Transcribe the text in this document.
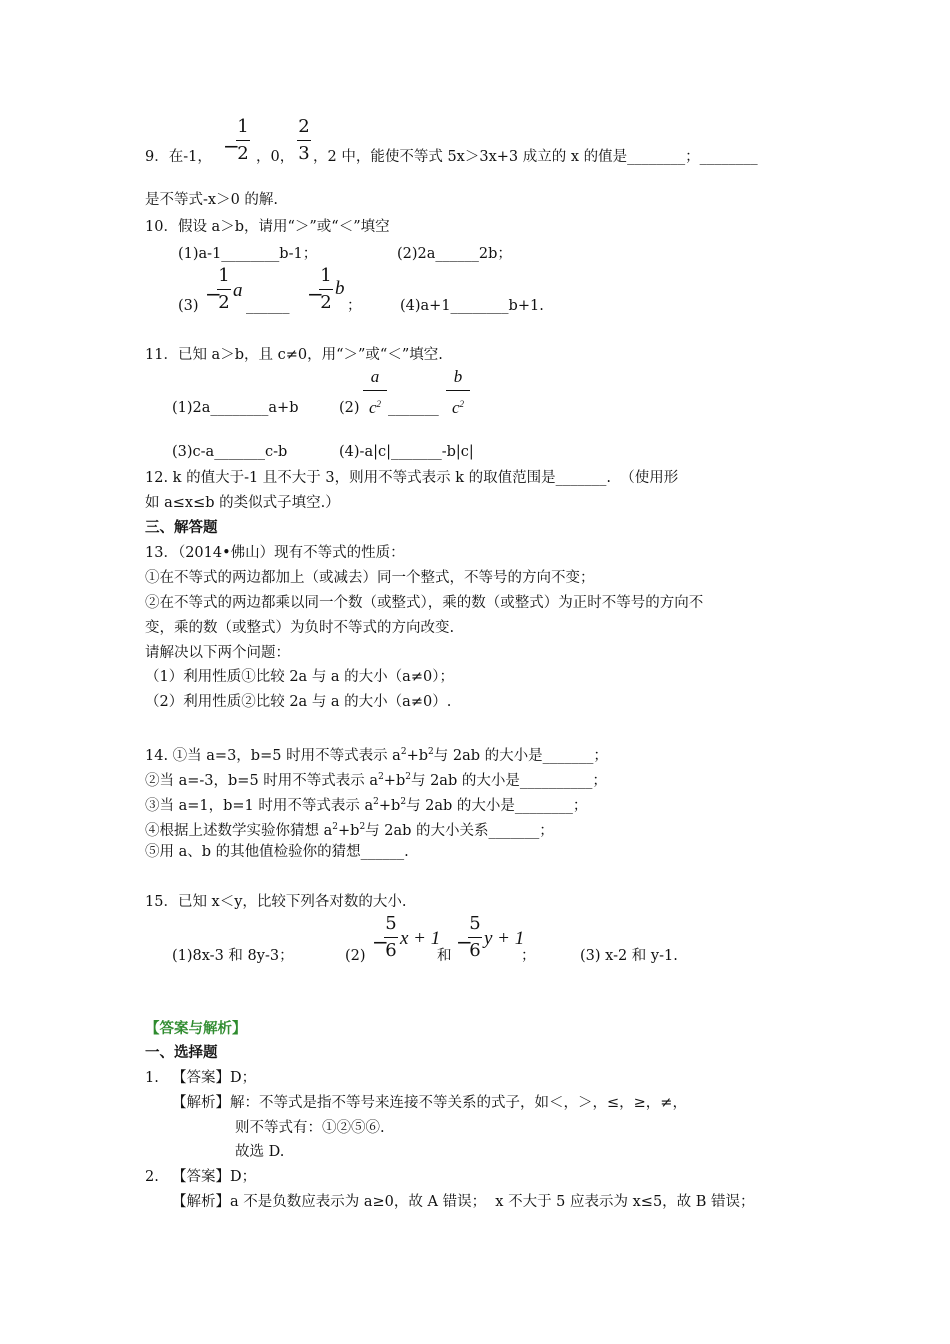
9．在-1， −
1
2 ，0，
2
3 ，2 中，能使不等式 5x＞3x+3 成立的 x 的值是________；________
是不等式-x＞0 的解.
10．假设 a＞b，请用“＞”或“＜”填空
(1)a-1________b-1；	(2)2a______2b；
(3) −
1
2
a
______ −
1
2
b
；	(4)a+1________b+1.
11．已知 a＞b，且 c≠0，用“＞”或“＜”填空.
(1)2a________a+b	(2)
a
$c^2$ _______
b
$c^2$
(3)c-a_______c-b	(4)-a|c|_______-b|c|
12. k 的值大于-1 且不大于 3，则用不等式表示 k 的取值范围是_______.  （使用形
如 a≤x≤b 的类似式子填空.）
三、解答题
13．（2014•佛山）现有不等式的性质：
①在不等式的两边都加上（或减去）同一个整式，不等号的方向不变；
②在不等式的两边都乘以同一个数（或整式），乘的数（或整式）为正时不等号的方向不
变，乘的数（或整式）为负时不等式的方向改变.
请解决以下两个问题：
（1）利用性质①比较 2a 与 a 的大小（a≠0）；
（2）利用性质②比较 2a 与 a 的大小（a≠0）.
14. ①当 a=3，b=5 时用不等式表示 $a^2+b^2$与 2ab 的大小是_______；
②当 a=-3，b=5 时用不等式表示 $a^2+b^2$与 2ab 的大小是__________；
③当 a=1，b=1 时用不等式表示 $a^2+b^2$与 2ab 的大小是________；
④根据上述数学实验你猜想 $a^2+b^2$与 2ab 的大小关系_______；
⑤用 a、b 的其他值检验你的猜想______.
15．已知 x＜y，比较下列各对数的大小.
(1)8x-3 和 8y-3；	(2)
−
5
6
x + 1
和
−
5
6
y + 1
；	(3) x-2 和 y-1.
【答案与解析】
一、选择题
1. 【答案】D；
【解析】解：不等式是指不等号来连接不等关系的式子，如＜，＞，≤，≥，≠，
则不等式有：①②⑤⑥.
故选 D.
2. 【答案】D；
【解析】a 不是负数应表示为 a≥0，故 A 错误；  x 不大于 5 应表示为 x≤5，故 B 错误；
